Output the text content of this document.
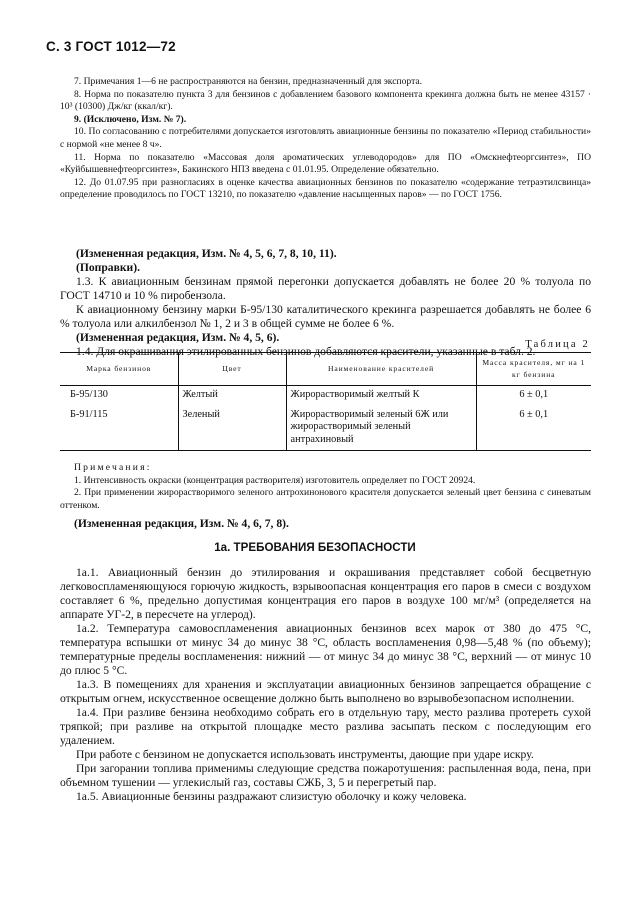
С. 3 ГОСТ 1012—72

7. Примечания 1—6 не распространяются на бензин, предназначенный для экспорта.

8. Норма по показателю пункта 3 для бензинов с добавлением базового компонента крекинга должна быть не менее 43157 · 10³ (10300) Дж/кг (ккал/кг).

9. (Исключено, Изм. № 7).

10. По согласованию с потребителями допускается изготовлять авиационные бензины по показателю «Период стабильности» с нормой «не менее 8 ч».

11. Норма по показателю «Массовая доля ароматических углеводородов» для ПО «Омскнефтеоргсинтез», ПО «Куйбышевнефтеоргсинтез», Бакинского НПЗ введена с 01.01.95. Определение обязательно.

12. До 01.07.95 при разногласиях в оценке качества авиационных бензинов по показателю «содержание тетраэтилсвинца» определение проводилось по ГОСТ 13210, по показателю «давление насыщенных паров» — по ГОСТ 1756.

(Измененная редакция, Изм. № 4, 5, 6, 7, 8, 10, 11).

(Поправки).

1.3. К авиационным бензинам прямой перегонки допускается добавлять не более 20 % толуола по ГОСТ 14710 и 10 % пиробензола.

К авиационному бензину марки Б-95/130 каталитического крекинга разрешается добавлять не более 6 % толуола или алкилбензол № 1, 2 и 3 в общей сумме не более 6 %.

(Измененная редакция, Изм. № 4, 5, 6).

1.4. Для окрашивания этилированных бензинов добавляются красители, указанные в табл. 2.

Таблица 2
Марка бензинов	Цвет	Наименование красителей	Масса красителя, мг на 1 кг бензина
Б-95/130	Желтый	Жирорастворимый желтый К	6 ± 0,1
Б-91/115	Зеленый	Жирорастворимый зеленый 6Ж или жирорастворимый зеленый антрахиновый	6 ± 0,1

Примечания:

1. Интенсивность окраски (концентрация растворителя) изготовитель определяет по ГОСТ 20924.

2. При применении жирорастворимого зеленого антрохинонового красителя допускается зеленый цвет бензина с синеватым оттенком.

(Измененная редакция, Изм. № 4, 6, 7, 8).

1а. ТРЕБОВАНИЯ БЕЗОПАСНОСТИ

1а.1. Авиационный бензин до этилирования и окрашивания представляет собой бесцветную легковоспламеняющуюся горючую жидкость, взрывоопасная концентрация его паров в смеси с воздухом составляет 6 %, предельно допустимая концентрация его паров в воздухе 100 мг/м³ (определяется на аппарате УГ-2, в пересчете на углерод).

1а.2. Температура самовоспламенения авиационных бензинов всех марок от 380 до 475 °С, температура вспышки от минус 34 до минус 38 °С, область воспламенения 0,98—5,48 % (по объему); температурные пределы воспламенения: нижний — от минус 34 до минус 38 °С, верхний — от минус 10 до плюс 5 °С.

1а.3. В помещениях для хранения и эксплуатации авиационных бензинов запрещается обращение с открытым огнем, искусственное освещение должно быть выполнено во взрывобезопасном исполнении.

1а.4. При разливе бензина необходимо собрать его в отдельную тару, место разлива протереть сухой тряпкой; при разливе на открытой площадке место разлива засыпать песком с последующим его удалением.

При работе с бензином не допускается использовать инструменты, дающие при ударе искру.

При загорании топлива применимы следующие средства пожаротушения: распыленная вода, пена, при объемном тушении — углекислый газ, составы СЖБ, 3, 5 и перегретый пар.

1а.5. Авиационные бензины раздражают слизистую оболочку и кожу человека.
